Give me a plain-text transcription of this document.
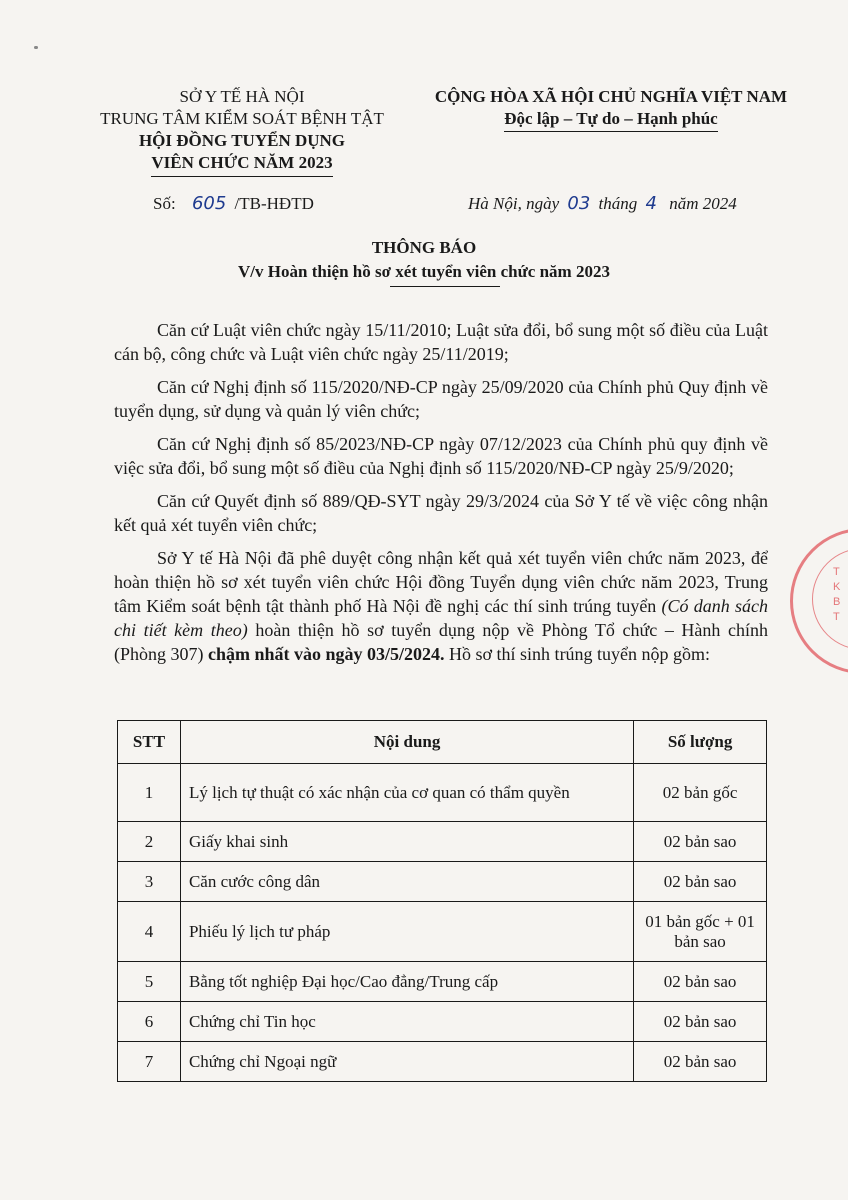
SỞ Y TẾ HÀ NỘI
TRUNG TÂM KIỂM SOÁT BỆNH TẬT
HỘI ĐỒNG TUYỂN DỤNG
VIÊN CHỨC NĂM 2023
CỘNG HÒA XÃ HỘI CHỦ NGHĨA VIỆT NAM
Độc lập – Tự do – Hạnh phúc
Số: 605 /TB-HĐTD	Hà Nội, ngày 03 tháng 4 năm 2024
THÔNG BÁO
V/v Hoàn thiện hồ sơ xét tuyển viên chức năm 2023

Căn cứ Luật viên chức ngày 15/11/2010; Luật sửa đổi, bổ sung một số điều của Luật cán bộ, công chức và Luật viên chức ngày 25/11/2019;

Căn cứ Nghị định số 115/2020/NĐ-CP ngày 25/09/2020 của Chính phủ Quy định về tuyển dụng, sử dụng và quản lý viên chức;

Căn cứ Nghị định số 85/2023/NĐ-CP ngày 07/12/2023 của Chính phủ quy định về việc sửa đổi, bổ sung một số điều của Nghị định số 115/2020/NĐ-CP ngày 25/9/2020;

Căn cứ Quyết định số 889/QĐ-SYT ngày 29/3/2024 của Sở Y tế về việc công nhận kết quả xét tuyển viên chức;

Sở Y tế Hà Nội đã phê duyệt công nhận kết quả xét tuyển viên chức năm 2023, để hoàn thiện hồ sơ xét tuyển viên chức Hội đồng Tuyển dụng viên chức năm 2023, Trung tâm Kiểm soát bệnh tật thành phố Hà Nội đề nghị các thí sinh trúng tuyển (Có danh sách chi tiết kèm theo) hoàn thiện hồ sơ tuyển dụng nộp về Phòng Tổ chức – Hành chính (Phòng 307) chậm nhất vào ngày 03/5/2024. Hồ sơ thí sinh trúng tuyển nộp gồm:

STT	Nội dung	Số lượng
1	Lý lịch tự thuật có xác nhận của cơ quan có thẩm quyền	02 bản gốc
2	Giấy khai sinh	02 bản sao
3	Căn cước công dân	02 bản sao
4	Phiếu lý lịch tư pháp	01 bản gốc + 01 bản sao
5	Bằng tốt nghiệp Đại học/Cao đẳng/Trung cấp	02 bản sao
6	Chứng chỉ Tin học	02 bản sao
7	Chứng chỉ Ngoại ngữ	02 bản sao
T
K
B
T
